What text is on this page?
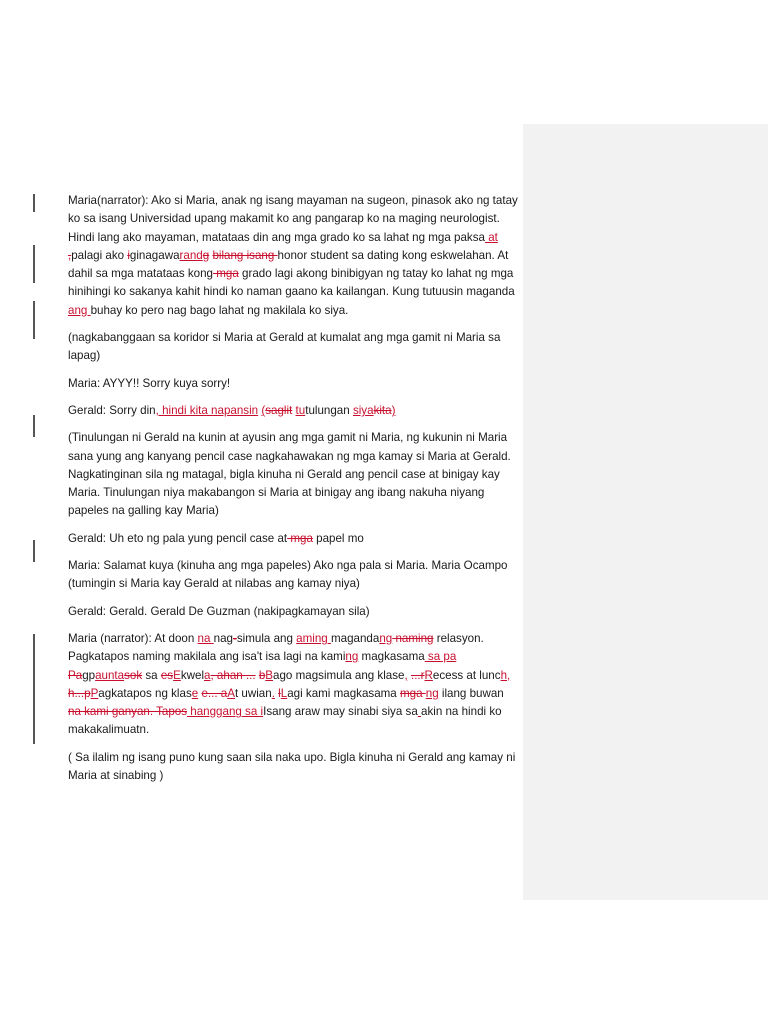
Maria(narrator): Ako si Maria, anak ng isang mayaman na sugeon, pinasok ako ng tatay ko sa isang Universidad upang makamit ko ang pangarap ko na maging neurologist. Hindi lang ako mayaman, matataas din ang mga grado ko sa lahat ng mga paksa at ,palagi ako iginagawarandg bilang isang honor student sa dating kong eskwelahan. At dahil sa mga matataas kong mga grado lagi akong binibigyan ng tatay ko lahat ng mga hinihingi ko sakanya kahit hindi ko naman gaano ka kailangan. Kung tutuusin maganda ang buhay ko pero nag bago lahat ng makilala ko siya.

(nagkabanggaan sa koridor si Maria at Gerald at kumalat ang mga gamit ni Maria sa lapag)

Maria: AYYY!! Sorry kuya sorry!

Gerald: Sorry din, hindi kita napansin (saglit tutulungan siyakita)

(Tinulungan ni Gerald na kunin at ayusin ang mga gamit ni Maria, ng kukunin ni Maria sana yung ang kanyang pencil case nagkahawakan ng mga kamay si Maria at Gerald. Nagkatinginan sila ng matagal, bigla kinuha ni Gerald ang pencil case at binigay kay Maria. Tinulungan niya makabangon si Maria at binigay ang ibang nakuha niyang papeles na galling kay Maria)

Gerald: Uh eto ng pala yung pencil case at mga papel mo

Maria: Salamat kuya (kinuha ang mga papeles) Ako nga pala si Maria. Maria Ocampo (tumingin si Maria kay Gerald at nilabas ang kamay niya)

Gerald: Gerald. Gerald De Guzman (nakipagkamayan sila)

Maria (narrator): At doon na nag-simula ang aming magandang naming relasyon. Pagkatapos naming makilala ang isa't isa lagi na kaming magkasama sa pa Pagpauntasok sa esEkwela, ahan ... bBago magsimula ang klase, ...rRecess at lunch, h...pPagkatapos ng klase e... aAt uwian. lLagi kami magkasama mga ng ilang buwan na kami ganyan. Tapos hanggang sa iIsang araw may sinabi siya sa akin na hindi ko makakalimuatn.

( Sa ilalim ng isang puno kung saan sila naka upo. Bigla kinuha ni Gerald ang kamay ni Maria at sinabing )
